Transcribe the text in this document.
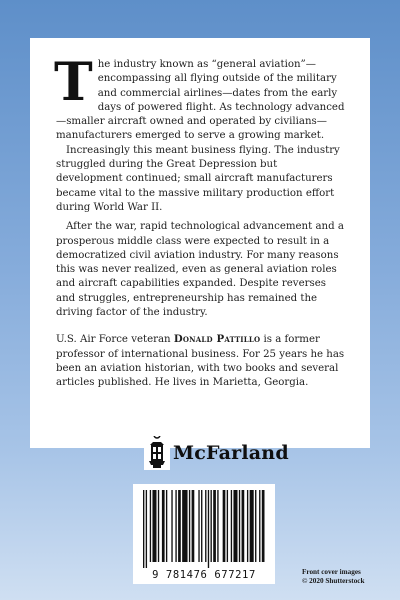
The industry known as “general aviation”—encompassing all flying outside of the military and commercial airlines—dates from the early days of powered flight. As technology advanced—smaller aircraft owned and operated by civilians—manufacturers emerged to serve a growing market.

Increasingly this meant business flying. The industry struggled during the Great Depression but development continued; small aircraft manufacturers became vital to the massive military production effort during World War II.

After the war, rapid technological advancement and a prosperous middle class were expected to result in a democratized civil aviation industry. For many reasons this was never realized, even as general aviation roles and aircraft capabilities expanded. Despite reverses and struggles, entrepreneurship has remained the driving factor of the industry.

U.S. Air Force veteran Donald Pattillo is a former professor of international business. For 25 years he has been an aviation historian, with two books and several articles published. He lives in Marietta, Georgia.

McFarland
9 781476 677217	Front cover images
© 2020 Shutterstock
